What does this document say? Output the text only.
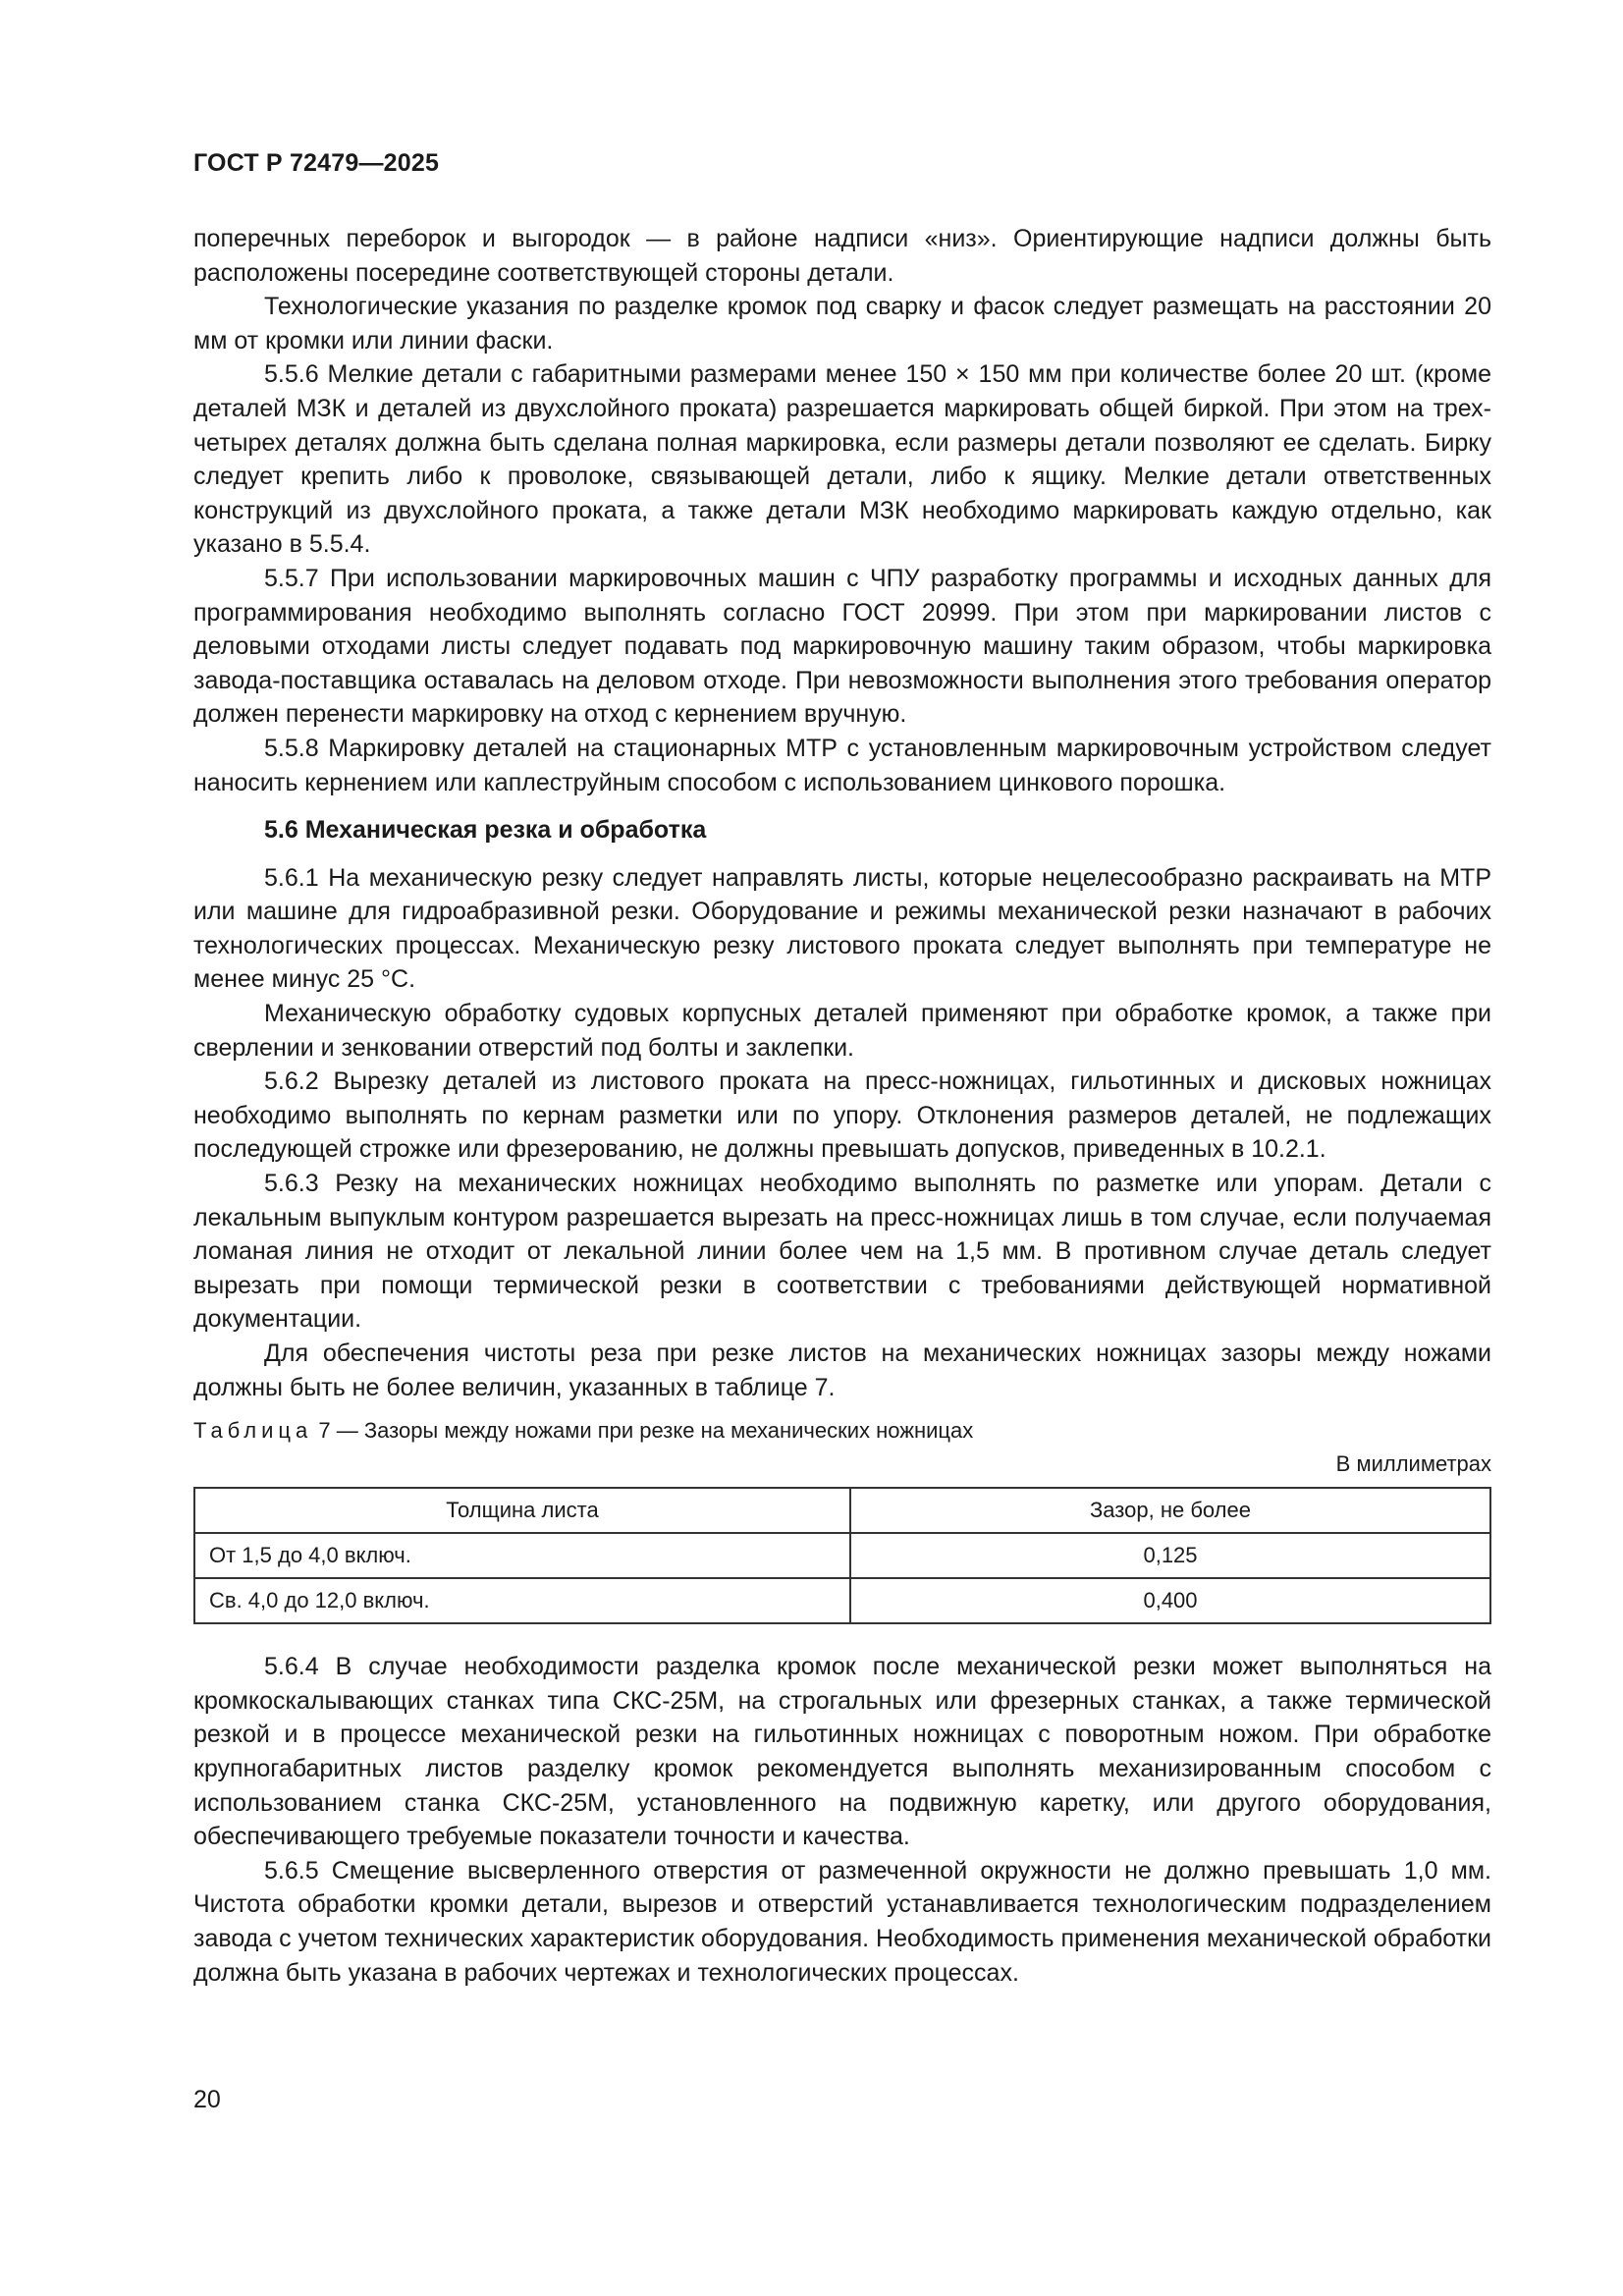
ГОСТ Р 72479—2025

поперечных переборок и выгородок — в районе надписи «низ». Ориентирующие надписи должны быть расположены посередине соответствующей стороны детали.

Технологические указания по разделке кромок под сварку и фасок следует размещать на расстоянии 20 мм от кромки или линии фаски.

5.5.6 Мелкие детали с габаритными размерами менее 150 × 150 мм при количестве более 20 шт. (кроме деталей МЗК и деталей из двухслойного проката) разрешается маркировать общей биркой. При этом на трех-четырех деталях должна быть сделана полная маркировка, если размеры детали позволяют ее сделать. Бирку следует крепить либо к проволоке, связывающей детали, либо к ящику. Мелкие детали ответственных конструкций из двухслойного проката, а также детали МЗК необходимо маркировать каждую отдельно, как указано в 5.5.4.

5.5.7 При использовании маркировочных машин с ЧПУ разработку программы и исходных данных для программирования необходимо выполнять согласно ГОСТ 20999. При этом при маркировании листов с деловыми отходами листы следует подавать под маркировочную машину таким образом, чтобы маркировка завода-поставщика оставалась на деловом отходе. При невозможности выполнения этого требования оператор должен перенести маркировку на отход с кернением вручную.

5.5.8 Маркировку деталей на стационарных МТР с установленным маркировочным устройством следует наносить кернением или каплеструйным способом с использованием цинкового порошка.

5.6 Механическая резка и обработка

5.6.1 На механическую резку следует направлять листы, которые нецелесообразно раскраивать на МТР или машине для гидроабразивной резки. Оборудование и режимы механической резки назначают в рабочих технологических процессах. Механическую резку листового проката следует выполнять при температуре не менее минус 25 °С.

Механическую обработку судовых корпусных деталей применяют при обработке кромок, а также при сверлении и зенковании отверстий под болты и заклепки.

5.6.2 Вырезку деталей из листового проката на пресс-ножницах, гильотинных и дисковых ножницах необходимо выполнять по кернам разметки или по упору. Отклонения размеров деталей, не подлежащих последующей строжке или фрезерованию, не должны превышать допусков, приведенных в 10.2.1.

5.6.3 Резку на механических ножницах необходимо выполнять по разметке или упорам. Детали с лекальным выпуклым контуром разрешается вырезать на пресс-ножницах лишь в том случае, если получаемая ломаная линия не отходит от лекальной линии более чем на 1,5 мм. В противном случае деталь следует вырезать при помощи термической резки в соответствии с требованиями действующей нормативной документации.

Для обеспечения чистоты реза при резке листов на механических ножницах зазоры между ножами должны быть не более величин, указанных в таблице 7.

Таблица 7 — Зазоры между ножами при резке на механических ножницах
В миллиметрах
Толщина листа	Зазор, не более
От 1,5 до 4,0 включ.	0,125
Св. 4,0 до 12,0 включ.	0,400

5.6.4 В случае необходимости разделка кромок после механической резки может выполняться на кромкоскалывающих станках типа СКС-25М, на строгальных или фрезерных станках, а также термической резкой и в процессе механической резки на гильотинных ножницах с поворотным ножом. При обработке крупногабаритных листов разделку кромок рекомендуется выполнять механизированным способом с использованием станка СКС-25М, установленного на подвижную каретку, или другого оборудования, обеспечивающего требуемые показатели точности и качества.

5.6.5 Смещение высверленного отверстия от размеченной окружности не должно превышать 1,0 мм. Чистота обработки кромки детали, вырезов и отверстий устанавливается технологическим подразделением завода с учетом технических характеристик оборудования. Необходимость применения механической обработки должна быть указана в рабочих чертежах и технологических процессах.

20
